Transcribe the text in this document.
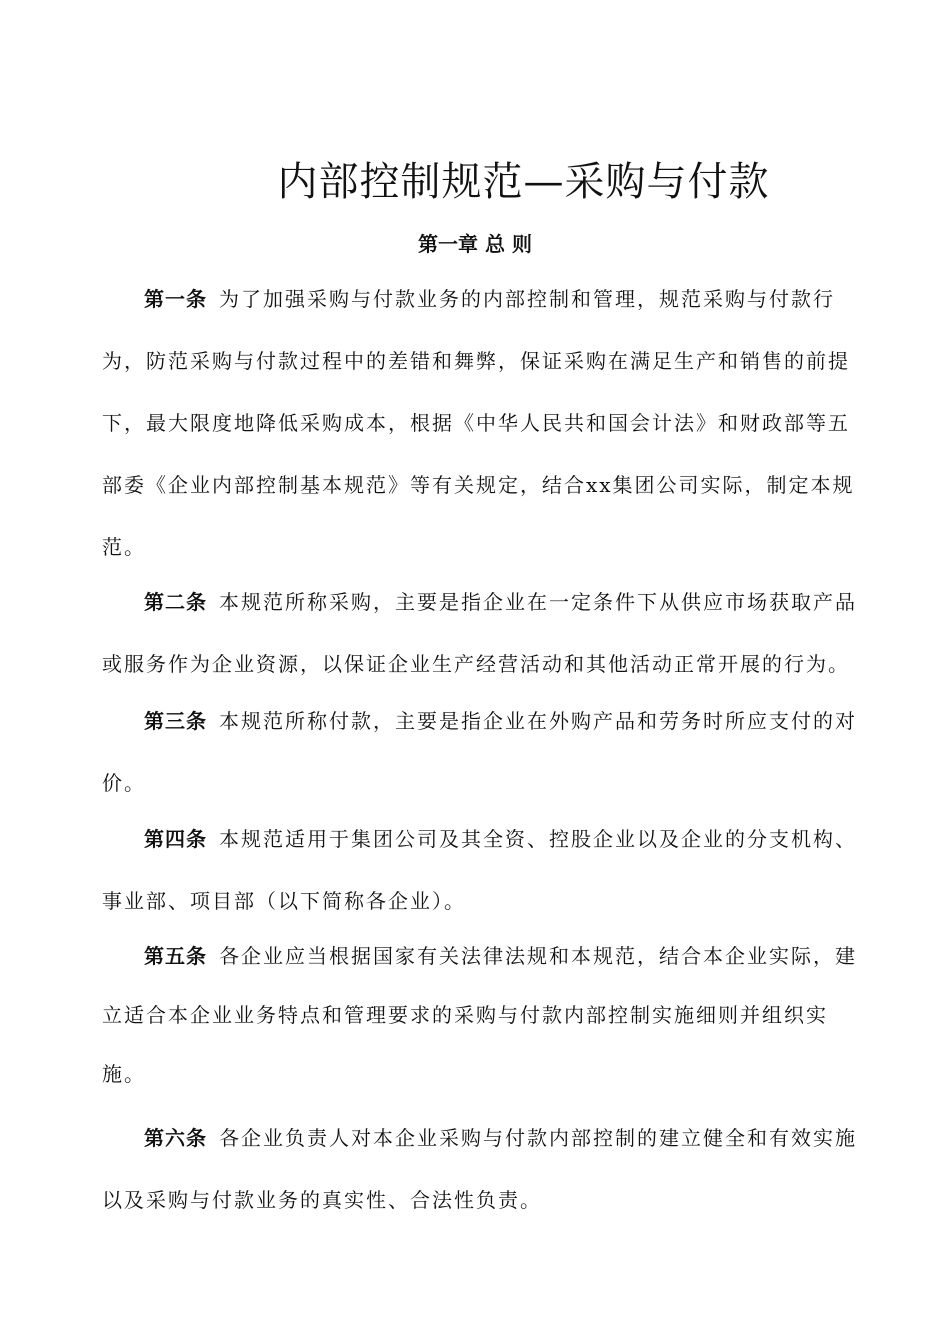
内部控制规范—采购与付款
第一章 总 则

第一条 为了加强采购与付款业务的内部控制和管理，规范采购与付款行为，防范采购与付款过程中的差错和舞弊，保证采购在满足生产和销售的前提下，最大限度地降低采购成本，根据《中华人民共和国会计法》和财政部等五部委《企业内部控制基本规范》等有关规定，结合xx集团公司实际，制定本规范。

第二条 本规范所称采购，主要是指企业在一定条件下从供应市场获取产品或服务作为企业资源，以保证企业生产经营活动和其他活动正常开展的行为。

第三条 本规范所称付款，主要是指企业在外购产品和劳务时所应支付的对价。

第四条 本规范适用于集团公司及其全资、控股企业以及企业的分支机构、事业部、项目部（以下简称各企业）。

第五条 各企业应当根据国家有关法律法规和本规范，结合本企业实际，建立适合本企业业务特点和管理要求的采购与付款内部控制实施细则并组织实施。

第六条 各企业负责人对本企业采购与付款内部控制的建立健全和有效实施以及采购与付款业务的真实性、合法性负责。
